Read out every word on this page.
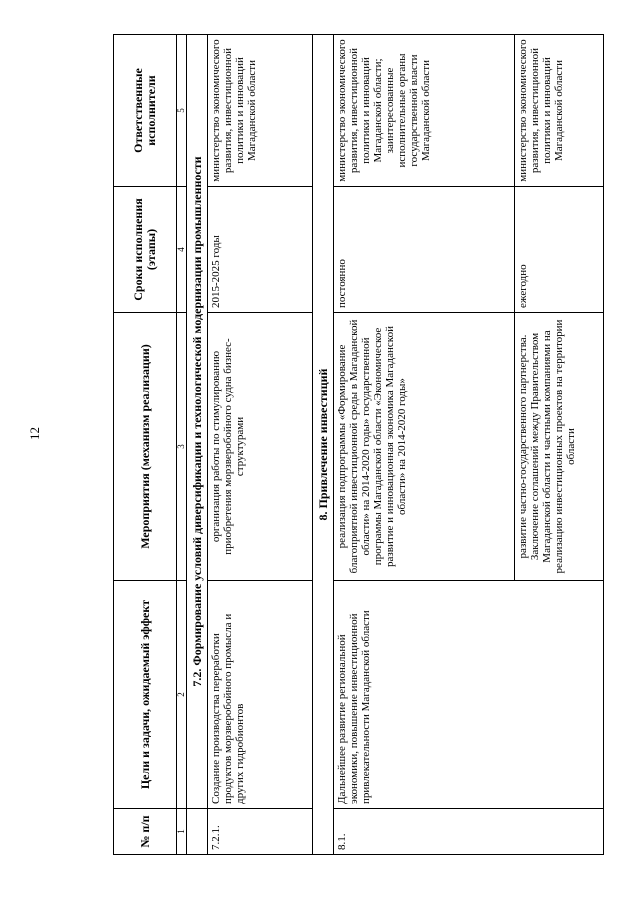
12
№ п/п	Цели и задачи, ожидаемый эффект	Мероприятия (механизм реализации)	Сроки исполнения (этапы)	Ответственные исполнители
1	2	3	4	5
	7.2. Формирование условий диверсификации и технологической модернизации промышленности			
7.2.1.	Создание производства переработки продуктов морзверобойного промысла и других гидробионтов	организация работы по стимулированию приобретения морзверобойного судна бизнес-структурами	2015-2025 годы	министерство экономического развития, инвестиционной политики и инноваций Магаданской области
8. Привлечение инвестиций				
8.1.	Дальнейшее развитие региональной экономики, повышение инвестиционной привлекательности Магаданской области	реализация подпрограммы «Формирование благоприятной инвестиционной среды в Магаданской области» на 2014-2020 годы» государственной программы Магаданской области «Экономическое развитие и инновационная экономика Магаданской области» на 2014-2020 годы»	постоянно	министерство экономического развития, инвестиционной политики и инноваций Магаданской области; заинтересованные исполнительные органы государственной власти Магаданской области
		развитие частно-государственного партнерства. Заключение соглашений между Правительством Магаданской области и частными компаниями на реализацию инвестиционных проектов на территории области	ежегодно	министерство экономического развития, инвестиционной политики и инноваций Магаданской области
